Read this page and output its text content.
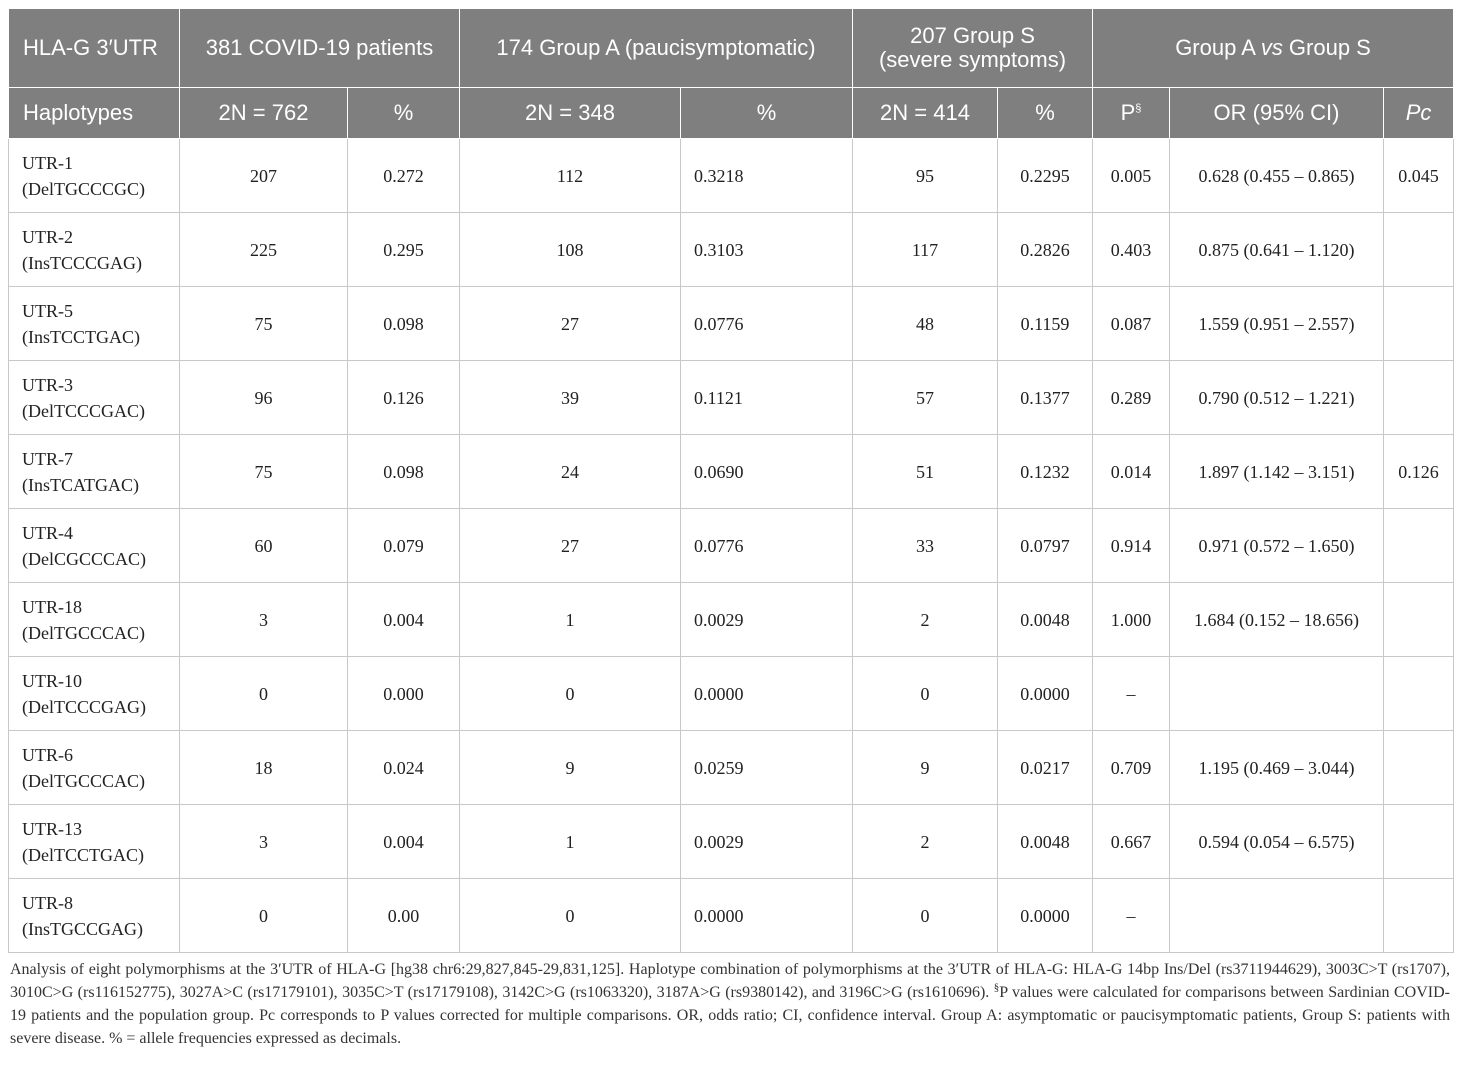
HLA-G 3′UTR	381 COVID-19 patients		174 Group A (paucisymptomatic)		207 Group S
(severe symptoms)		Group A vs Group S		
Haplotypes	2N = 762	%	2N = 348	%	2N = 414	%	P§	OR (95% CI)	Pc
UTR-1
(DelTGCCCGC)	207	0.272	112	0.3218	95	0.2295	0.005	0.628 (0.455 – 0.865)	0.045
UTR-2
(InsTCCCGAG)	225	0.295	108	0.3103	117	0.2826	0.403	0.875 (0.641 – 1.120)	
UTR-5
(InsTCCTGAC)	75	0.098	27	0.0776	48	0.1159	0.087	1.559 (0.951 – 2.557)	
UTR-3
(DelTCCCGAC)	96	0.126	39	0.1121	57	0.1377	0.289	0.790 (0.512 – 1.221)	
UTR-7
(InsTCATGAC)	75	0.098	24	0.0690	51	0.1232	0.014	1.897 (1.142 – 3.151)	0.126
UTR-4
(DelCGCCCAC)	60	0.079	27	0.0776	33	0.0797	0.914	0.971 (0.572 – 1.650)	
UTR-18
(DelTGCCCAC)	3	0.004	1	0.0029	2	0.0048	1.000	1.684 (0.152 – 18.656)	
UTR-10
(DelTCCCGAG)	0	0.000	0	0.0000	0	0.0000	–		
UTR-6
(DelTGCCCAC)	18	0.024	9	0.0259	9	0.0217	0.709	1.195 (0.469 – 3.044)	
UTR-13
(DelTCCTGAC)	3	0.004	1	0.0029	2	0.0048	0.667	0.594 (0.054 – 6.575)	
UTR-8
(InsTGCCGAG)	0	0.00	0	0.0000	0	0.0000	–		
Analysis of eight polymorphisms at the 3′UTR of HLA-G [hg38 chr6:29,827,845-29,831,125]. Haplotype combination of polymorphisms at the 3′UTR of HLA-G: HLA-G 14bp Ins/Del (rs3711944629), 3003C>T (rs1707), 3010C>G (rs116152775), 3027A>C (rs17179101), 3035C>T (rs17179108), 3142C>G (rs1063320), 3187A>G (rs9380142), and 3196C>G (rs1610696). §P values were calculated for comparisons between Sardinian COVID-19 patients and the population group. Pc corresponds to P values corrected for multiple comparisons. OR, odds ratio; CI, confidence interval. Group A: asymptomatic or paucisymptomatic patients, Group S: patients with severe disease. % = allele frequencies expressed as decimals.
